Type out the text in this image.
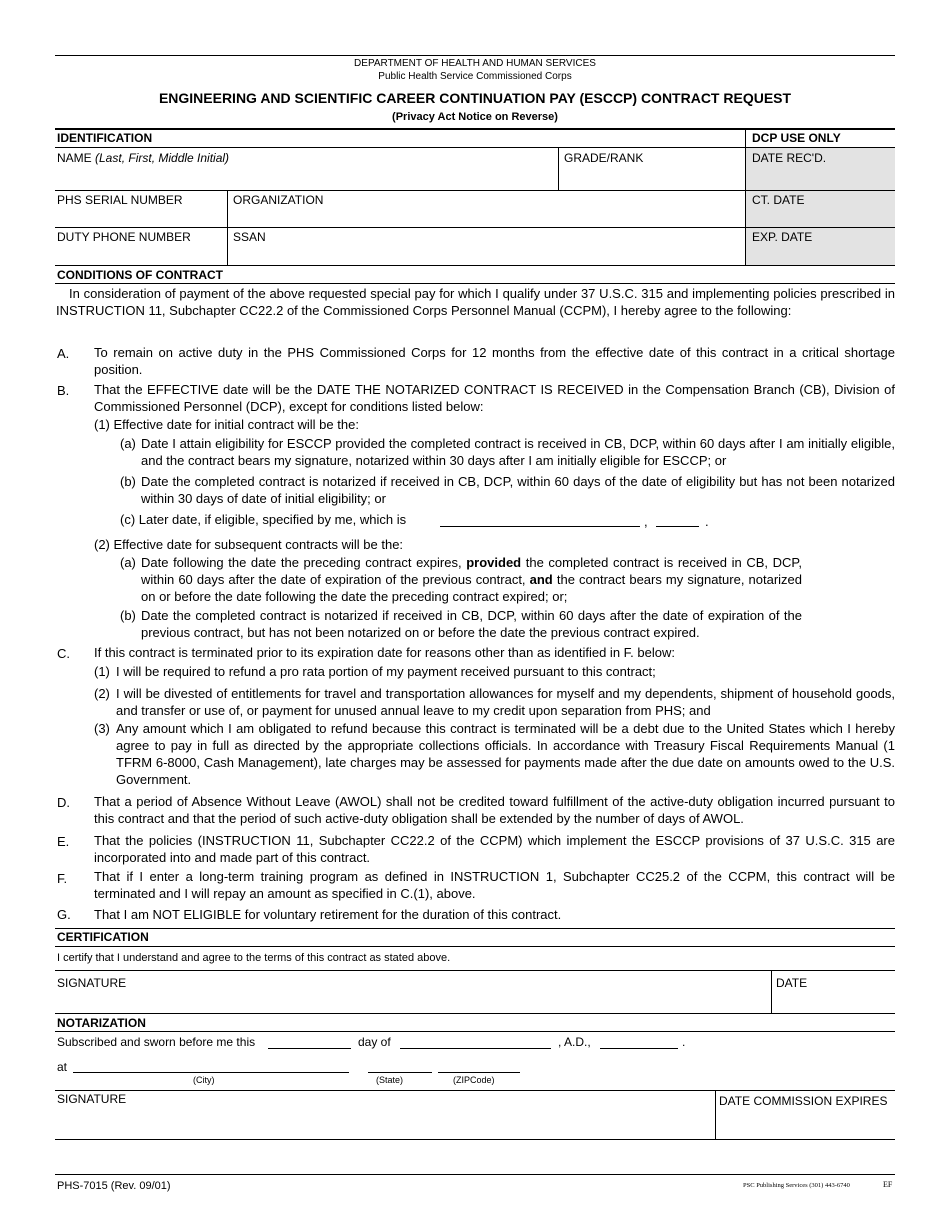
DEPARTMENT OF HEALTH AND HUMAN SERVICES
Public Health Service Commissioned Corps
ENGINEERING AND SCIENTIFIC CAREER CONTINUATION PAY (ESCCP) CONTRACT REQUEST
(Privacy Act Notice on Reverse)
IDENTIFICATION	DCP USE ONLY
NAME (Last, First, Middle Initial)	GRADE/RANK	DATE REC'D.
PHS SERIAL NUMBER	ORGANIZATION	CT. DATE
DUTY PHONE NUMBER	SSAN	EXP. DATE
CONDITIONS OF CONTRACT
In consideration of payment of the above requested special pay for which I qualify under 37 U.S.C. 315 and implementing policies prescribed in INSTRUCTION 11, Subchapter CC22.2 of the Commissioned Corps Personnel Manual (CCPM), I hereby agree to the following:
A. To remain on active duty in the PHS Commissioned Corps for 12 months from the effective date of this contract in a critical shortage position.
B. That the EFFECTIVE date will be the DATE THE NOTARIZED CONTRACT IS RECEIVED in the Compensation Branch (CB), Division of Commissioned Personnel (DCP), except for conditions listed below:
(1) Effective date for initial contract will be the:
(a) Date I attain eligibility for ESCCP provided the completed contract is received in CB, DCP, within 60 days after I am initially eligible, and the contract bears my signature, notarized within 30 days after I am initially eligible for ESCCP; or
(b) Date the completed contract is notarized if received in CB, DCP, within 60 days of the date of eligibility but has not been notarized within 30 days of date of initial eligibility; or
(c) Later date, if eligible, specified by me, which is	,	.
(2) Effective date for subsequent contracts will be the:
(a) Date following the date the preceding contract expires, provided the completed contract is received in CB, DCP, within 60 days after the date of expiration of the previous contract, and the contract bears my signature, notarized on or before the date following the date the preceding contract expired; or;
(b) Date the completed contract is notarized if received in CB, DCP, within 60 days after the date of expiration of the previous contract, but has not been notarized on or before the date the previous contract expired.
C. If this contract is terminated prior to its expiration date for reasons other than as identified in F. below:
(1) I will be required to refund a pro rata portion of my payment received pursuant to this contract;
(2) I will be divested of entitlements for travel and transportation allowances for myself and my dependents, shipment of household goods, and transfer or use of, or payment for unused annual leave to my credit upon separation from PHS; and
(3) Any amount which I am obligated to refund because this contract is terminated will be a debt due to the United States which I hereby agree to pay in full as directed by the appropriate collections officials. In accordance with Treasury Fiscal Requirements Manual (1 TFRM 6-8000, Cash Management), late charges may be assessed for payments made after the due date on amounts owed to the U.S. Government.
D. That a period of Absence Without Leave (AWOL) shall not be credited toward fulfillment of the active-duty obligation incurred pursuant to this contract and that the period of such active-duty obligation shall be extended by the number of days of AWOL.
E. That the policies (INSTRUCTION 11, Subchapter CC22.2 of the CCPM) which implement the ESCCP provisions of 37 U.S.C. 315 are incorporated into and made part of this contract.
F. That if I enter a long-term training program as defined in INSTRUCTION 1, Subchapter CC25.2 of the CCPM, this contract will be terminated and I will repay an amount as specified in C.(1), above.
G. That I am NOT ELIGIBLE for voluntary retirement for the duration of this contract.
CERTIFICATION
I certify that I understand and agree to the terms of this contract as stated above.
SIGNATURE	DATE
NOTARIZATION
Subscribed and sworn before me this	day of	, A.D.,	.
at
(City)	(State)	(ZIPCode)
SIGNATURE	DATE COMMISSION EXPIRES
PHS-7015 (Rev. 09/01)	PSC Publishing Services (301) 443-6740	EF
